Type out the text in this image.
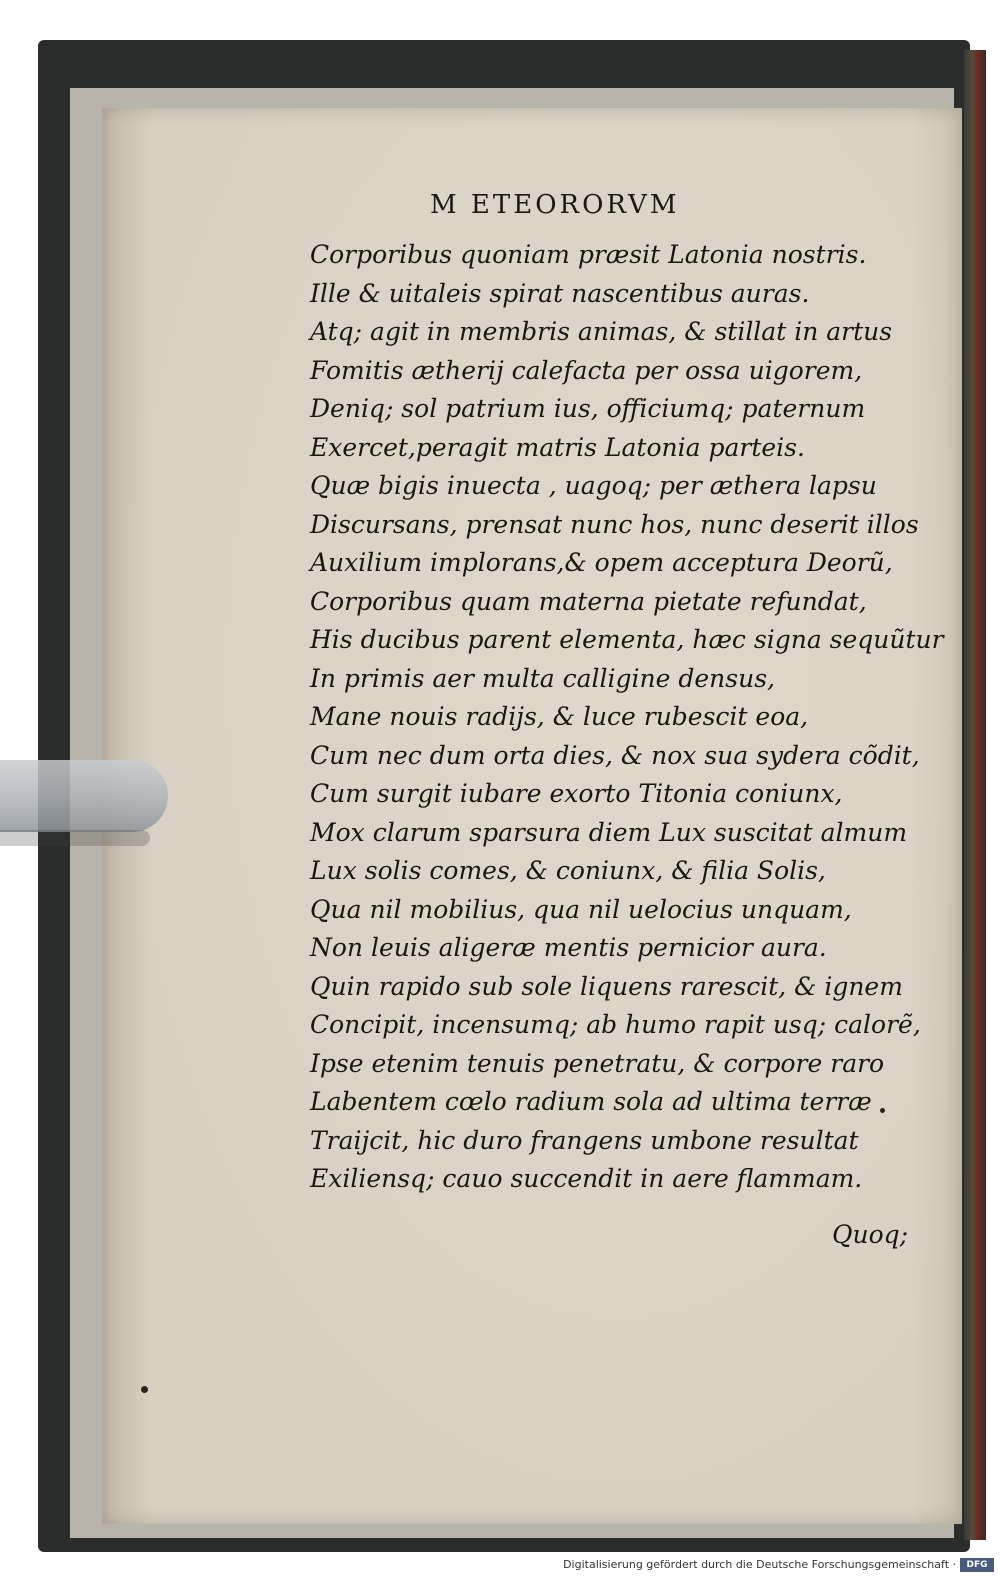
M ETEORORVM
Corporibus quoniam præsit Latonia nostris.
Ille & uitaleis spirat nascentibus auras.
Atq; agit in membris animas, & stillat in artus
Fomitis ætherij calefacta per ossa uigorem,
Deniq; sol patrium ius, officiumq; paternum
Exercet,peragit matris Latonia parteis.
Quæ bigis inuecta , uagoq; per æthera lapsu
Discursans, prensat nunc hos, nunc deserit illos
Auxilium implorans,& opem acceptura Deorũ,
Corporibus quam materna pietate refundat,
His ducibus parent elementa, hæc signa sequũtur
In primis aer multa calligine densus,
Mane nouis radijs, & luce rubescit eoa,
Cum nec dum orta dies, & nox sua sydera cõdit,
Cum surgit iubare exorto Titonia coniunx,
Mox clarum sparsura diem Lux suscitat almum
Lux solis comes, & coniunx, & filia Solis,
Qua nil mobilius, qua nil uelocius unquam,
Non leuis aligeræ mentis pernicior aura.
Quin rapido sub sole liquens rarescit, & ignem
Concipit, incensumq; ab humo rapit usq; calorẽ,
Ipse etenim tenuis penetratu, & corpore raro
Labentem cœlo radium sola ad ultima terræ
Traijcit, hic duro frangens umbone resultat
Exiliensq; cauo succendit in aere flammam.
Quoq;
Digitalisierung gefördert durch die Deutsche Forschungsgemeinschaft ·	DFG
